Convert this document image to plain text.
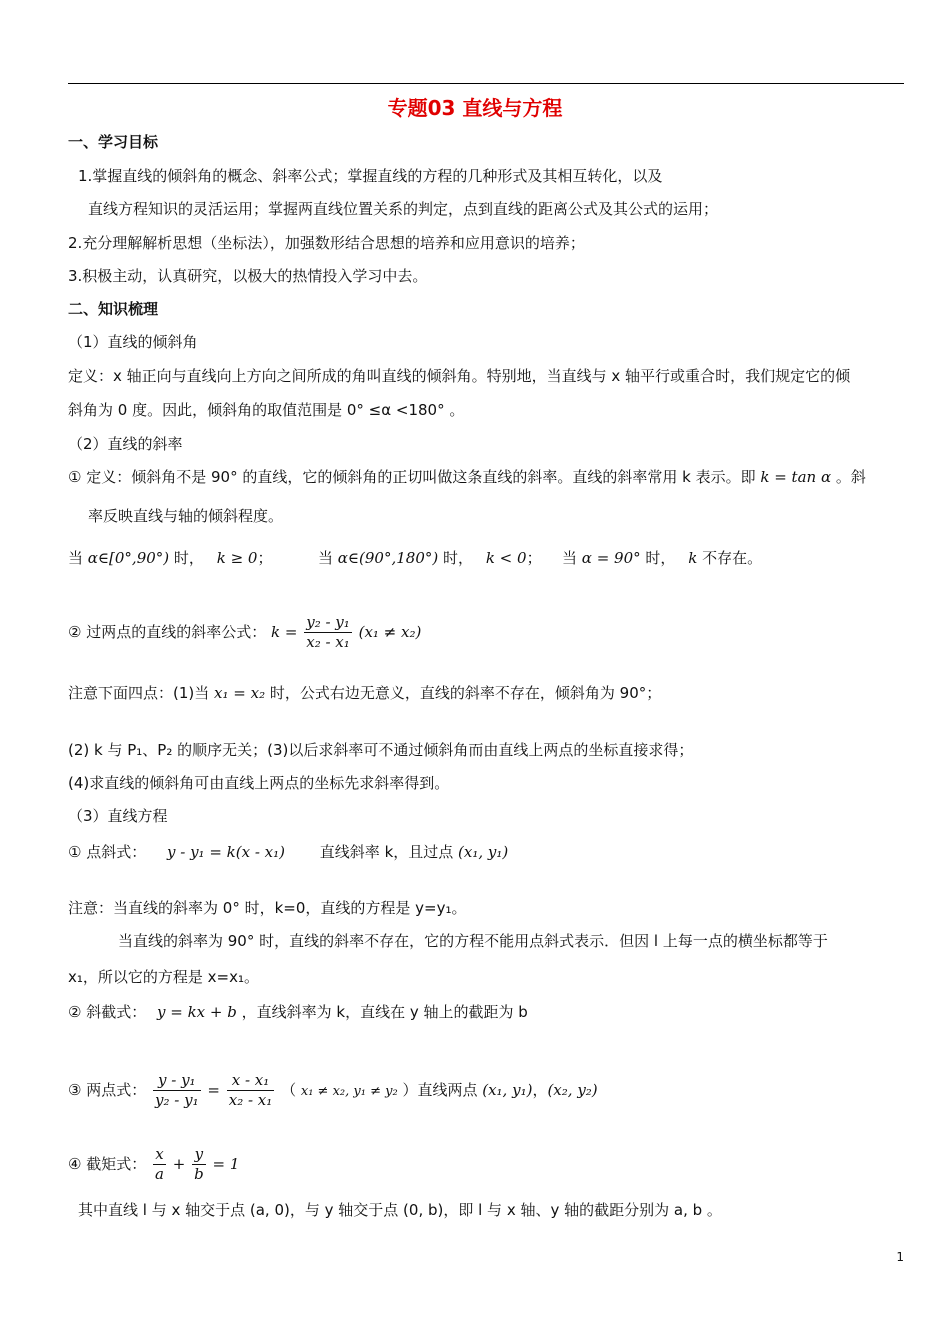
专题03 直线与方程
一、学习目标
1.掌握直线的倾斜角的概念、斜率公式；掌握直线的方程的几种形式及其相互转化，以及
直线方程知识的灵活运用；掌握两直线位置关系的判定，点到直线的距离公式及其公式的运用；
2.充分理解解析思想（坐标法），加强数形结合思想的培养和应用意识的培养；
3.积极主动，认真研究，以极大的热情投入学习中去。
二、知识梳理
（1）直线的倾斜角
定义：x 轴正向与直线向上方向之间所成的角叫直线的倾斜角。特别地，当直线与 x 轴平行或重合时，我们规定它的倾
斜角为 0 度。因此，倾斜角的取值范围是 0° ≤α <180° 。
（2）直线的斜率
① 定义：倾斜角不是 90° 的直线，它的倾斜角的正切叫做这条直线的斜率。直线的斜率常用 k 表示。即 k = tan α 。斜
率反映直线与轴的倾斜程度。
当 α∈[0°,90°) 时， k ≥ 0；	当 α∈(90°,180°) 时， k < 0； 当 α = 90° 时， k 不存在。
② 过两点的直线的斜率公式： $k = \frac{\text{y₂ - y₁}}{\text{x₂ - x₁}} (x_1 \ne x_2)$
注意下面四点：(1)当 x₁ = x₂ 时，公式右边无意义，直线的斜率不存在，倾斜角为 90°；
(2) k 与 P₁、P₂ 的顺序无关；(3)以后求斜率可不通过倾斜角而由直线上两点的坐标直接求得；
(4)求直线的倾斜角可由直线上两点的坐标先求斜率得到。
（3）直线方程
① 点斜式： y - y₁ = k(x - x₁) 直线斜率 k，且过点 (x₁, y₁)
注意：当直线的斜率为 0° 时，k=0，直线的方程是 y=y₁。
当直线的斜率为 90° 时，直线的斜率不存在，它的方程不能用点斜式表示．但因 l 上每一点的横坐标都等于
x₁，所以它的方程是 x=x₁。
② 斜截式： y = kx + b ，直线斜率为 k，直线在 y 轴上的截距为 b
③ 两点式： $\frac{\text{y - y₁}}{\text{y₂ - y₁}} = \frac{\text{x - x₁}}{\text{x₂ - x₁}}$ （ x₁ ≠ x₂, y₁ ≠ y₂ ）直线两点 (x₁, y₁)，(x₂, y₂)
④ 截矩式： $\frac{x}{a} + \frac{y}{b} = 1$
其中直线 l 与 x 轴交于点 (a, 0)，与 y 轴交于点 (0, b)，即 l 与 x 轴、y 轴的截距分别为 a, b 。
1
